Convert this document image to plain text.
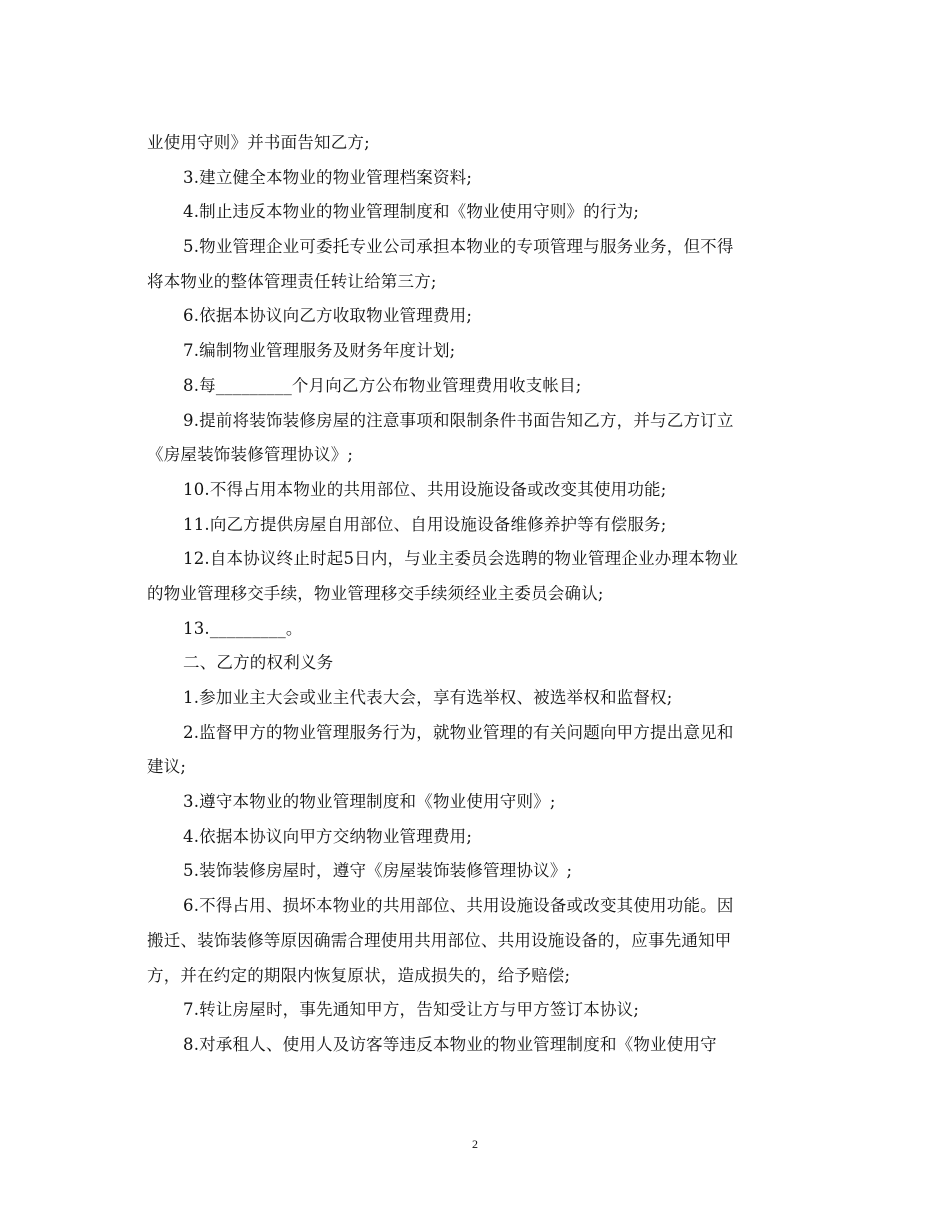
业使用守则》并书面告知乙方;
3.建立健全本物业的物业管理档案资料;
4.制止违反本物业的物业管理制度和《物业使用守则》的行为;
5.物业管理企业可委托专业公司承担本物业的专项管理与服务业务，但不得
将本物业的整体管理责任转让给第三方;
6.依据本协议向乙方收取物业管理费用;
7.编制物业管理服务及财务年度计划;
8.每_________个月向乙方公布物业管理费用收支帐目;
9.提前将装饰装修房屋的注意事项和限制条件书面告知乙方，并与乙方订立
《房屋装饰装修管理协议》;
10.不得占用本物业的共用部位、共用设施设备或改变其使用功能;
11.向乙方提供房屋自用部位、自用设施设备维修养护等有偿服务;
12.自本协议终止时起5日内，与业主委员会选聘的物业管理企业办理本物业
的物业管理移交手续，物业管理移交手续须经业主委员会确认;
13._________。
二、乙方的权利义务
1.参加业主大会或业主代表大会，享有选举权、被选举权和监督权;
2.监督甲方的物业管理服务行为，就物业管理的有关问题向甲方提出意见和
建议;
3.遵守本物业的物业管理制度和《物业使用守则》;
4.依据本协议向甲方交纳物业管理费用;
5.装饰装修房屋时，遵守《房屋装饰装修管理协议》;
6.不得占用、损坏本物业的共用部位、共用设施设备或改变其使用功能。因
搬迁、装饰装修等原因确需合理使用共用部位、共用设施设备的，应事先通知甲
方，并在约定的期限内恢复原状，造成损失的，给予赔偿;
7.转让房屋时，事先通知甲方，告知受让方与甲方签订本协议;
8.对承租人、使用人及访客等违反本物业的物业管理制度和《物业使用守
2
